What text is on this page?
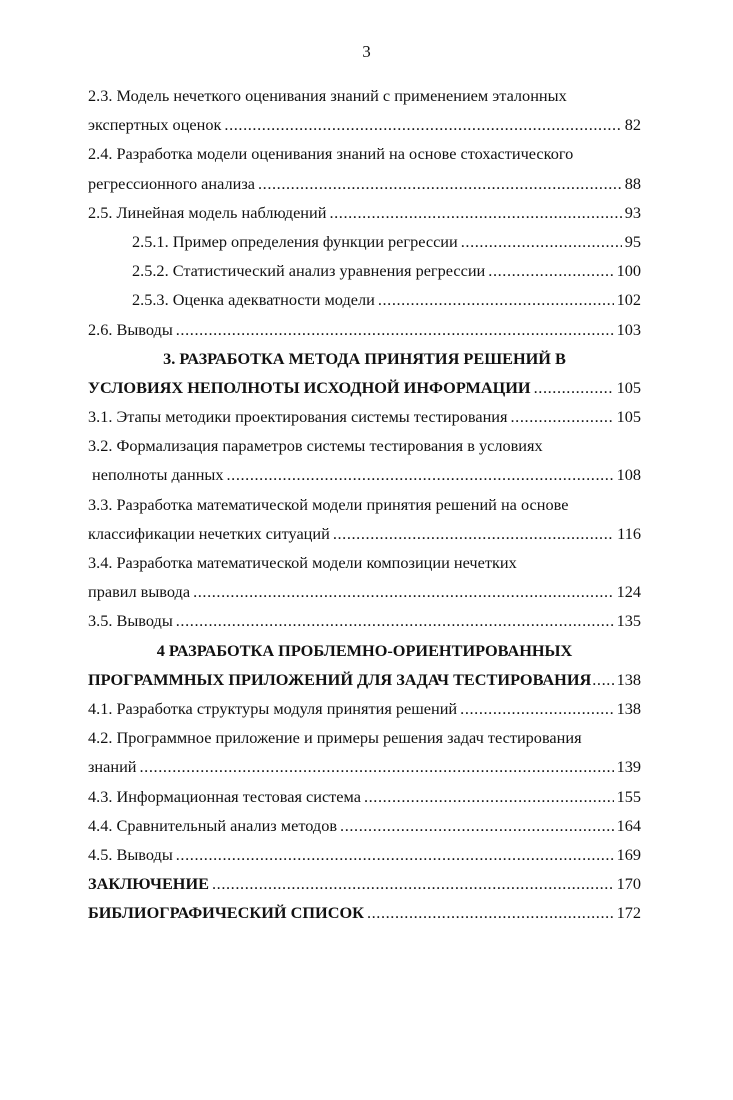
3
2.3. Модель нечеткого оценивания знаний с применением эталонных
экспертных оценок .....	82
2.4. Разработка модели оценивания знаний на основе стохастического
регрессионного анализа .....	88
2.5. Линейная модель наблюдений .....	93
2.5.1. Пример определения функции регрессии .....	95
2.5.2. Статистический анализ уравнения регрессии .....	100
2.5.3. Оценка адекватности модели .....	102
2.6. Выводы .....	103
3. РАЗРАБОТКА МЕТОДА ПРИНЯТИЯ РЕШЕНИЙ В
УСЛОВИЯХ НЕПОЛНОТЫ ИСХОДНОЙ ИНФОРМАЦИИ .....	105
3.1. Этапы методики проектирования системы тестирования .....	105
3.2. Формализация параметров системы тестирования в условиях
неполноты данных .....	108
3.3. Разработка математической модели принятия решений на основе
классификации нечетких ситуаций .....	116
3.4. Разработка математической модели композиции нечетких
правил вывода .....	124
3.5. Выводы .....	135
4 РАЗРАБОТКА ПРОБЛЕМНО-ОРИЕНТИРОВАННЫХ
ПРОГРАММНЫХ ПРИЛОЖЕНИЙ ДЛЯ ЗАДАЧ ТЕСТИРОВАНИЯ ..... 138
4.1. Разработка структуры модуля принятия решений .....	138
4.2. Программное приложение и примеры решения задач тестирования
знаний .....	139
4.3. Информационная тестовая система .....	155
4.4. Сравнительный анализ методов .....	164
4.5. Выводы .....	169
ЗАКЛЮЧЕНИЕ .....	170
БИБЛИОГРАФИЧЕСКИЙ СПИСОК .....	172
